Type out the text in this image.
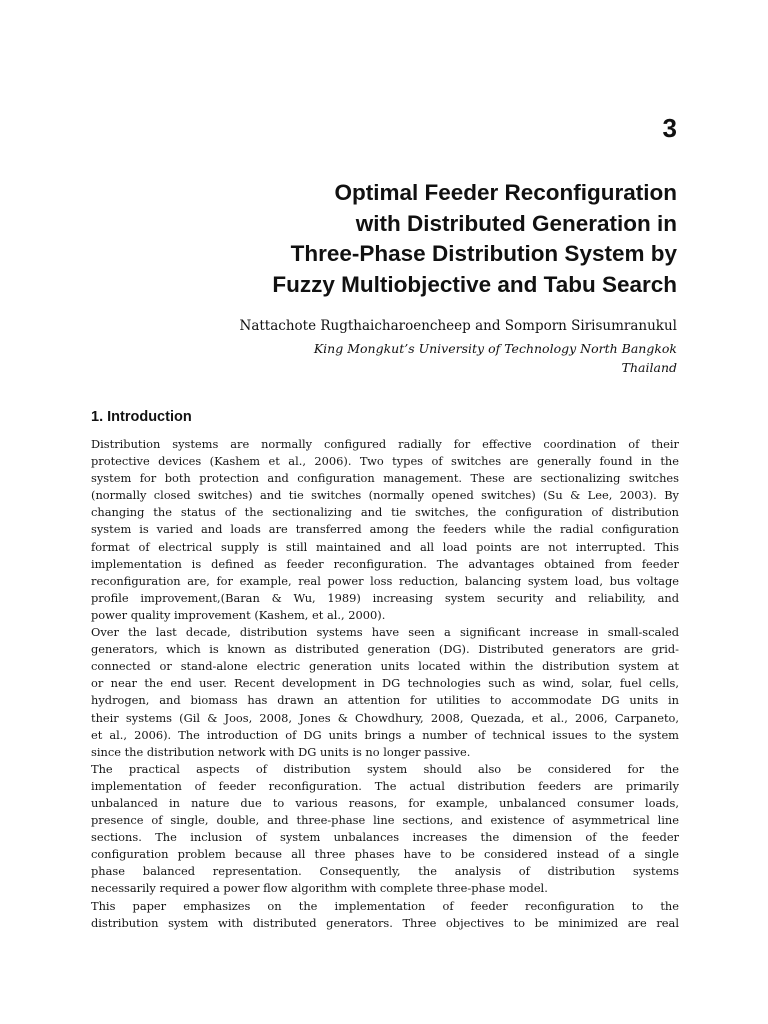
3
Optimal Feeder Reconfiguration
with Distributed Generation in
Three-Phase Distribution System by
Fuzzy Multiobjective and Tabu Search
Nattachote Rugthaicharoencheep and Somporn Sirisumranukul
King Mongkut’s University of Technology North Bangkok
Thailand
1. Introduction
Distribution systems are normally configured radially for effective coordination of their
protective devices (Kashem et al., 2006). Two types of switches are generally found in the
system for both protection and configuration management. These are sectionalizing switches
(normally closed switches) and tie switches (normally opened switches) (Su & Lee, 2003). By
changing the status of the sectionalizing and tie switches, the configuration of distribution
system is varied and loads are transferred among the feeders while the radial configuration
format of electrical supply is still maintained and all load points are not interrupted. This
implementation is defined as feeder reconfiguration. The advantages obtained from feeder
reconfiguration are, for example, real power loss reduction, balancing system load, bus voltage
profile improvement,(Baran & Wu, 1989) increasing system security and reliability, and
power quality improvement (Kashem, et al., 2000).
Over the last decade, distribution systems have seen a significant increase in small-scaled
generators, which is known as distributed generation (DG). Distributed generators are grid-
connected or stand-alone electric generation units located within the distribution system at
or near the end user. Recent development in DG technologies such as wind, solar, fuel cells,
hydrogen, and biomass has drawn an attention for utilities to accommodate DG units in
their systems (Gil & Joos, 2008, Jones & Chowdhury, 2008, Quezada, et al., 2006, Carpaneto,
et al., 2006). The introduction of DG units brings a number of technical issues to the system
since the distribution network with DG units is no longer passive.
The practical aspects of distribution system should also be considered for the
implementation of feeder reconfiguration. The actual distribution feeders are primarily
unbalanced in nature due to various reasons, for example, unbalanced consumer loads,
presence of single, double, and three-phase line sections, and existence of asymmetrical line
sections. The inclusion of system unbalances increases the dimension of the feeder
configuration problem because all three phases have to be considered instead of a single
phase balanced representation. Consequently, the analysis of distribution systems
necessarily required a power flow algorithm with complete three-phase model.
This paper emphasizes on the implementation of feeder reconfiguration to the
distribution system with distributed generators. Three objectives to be minimized are real
